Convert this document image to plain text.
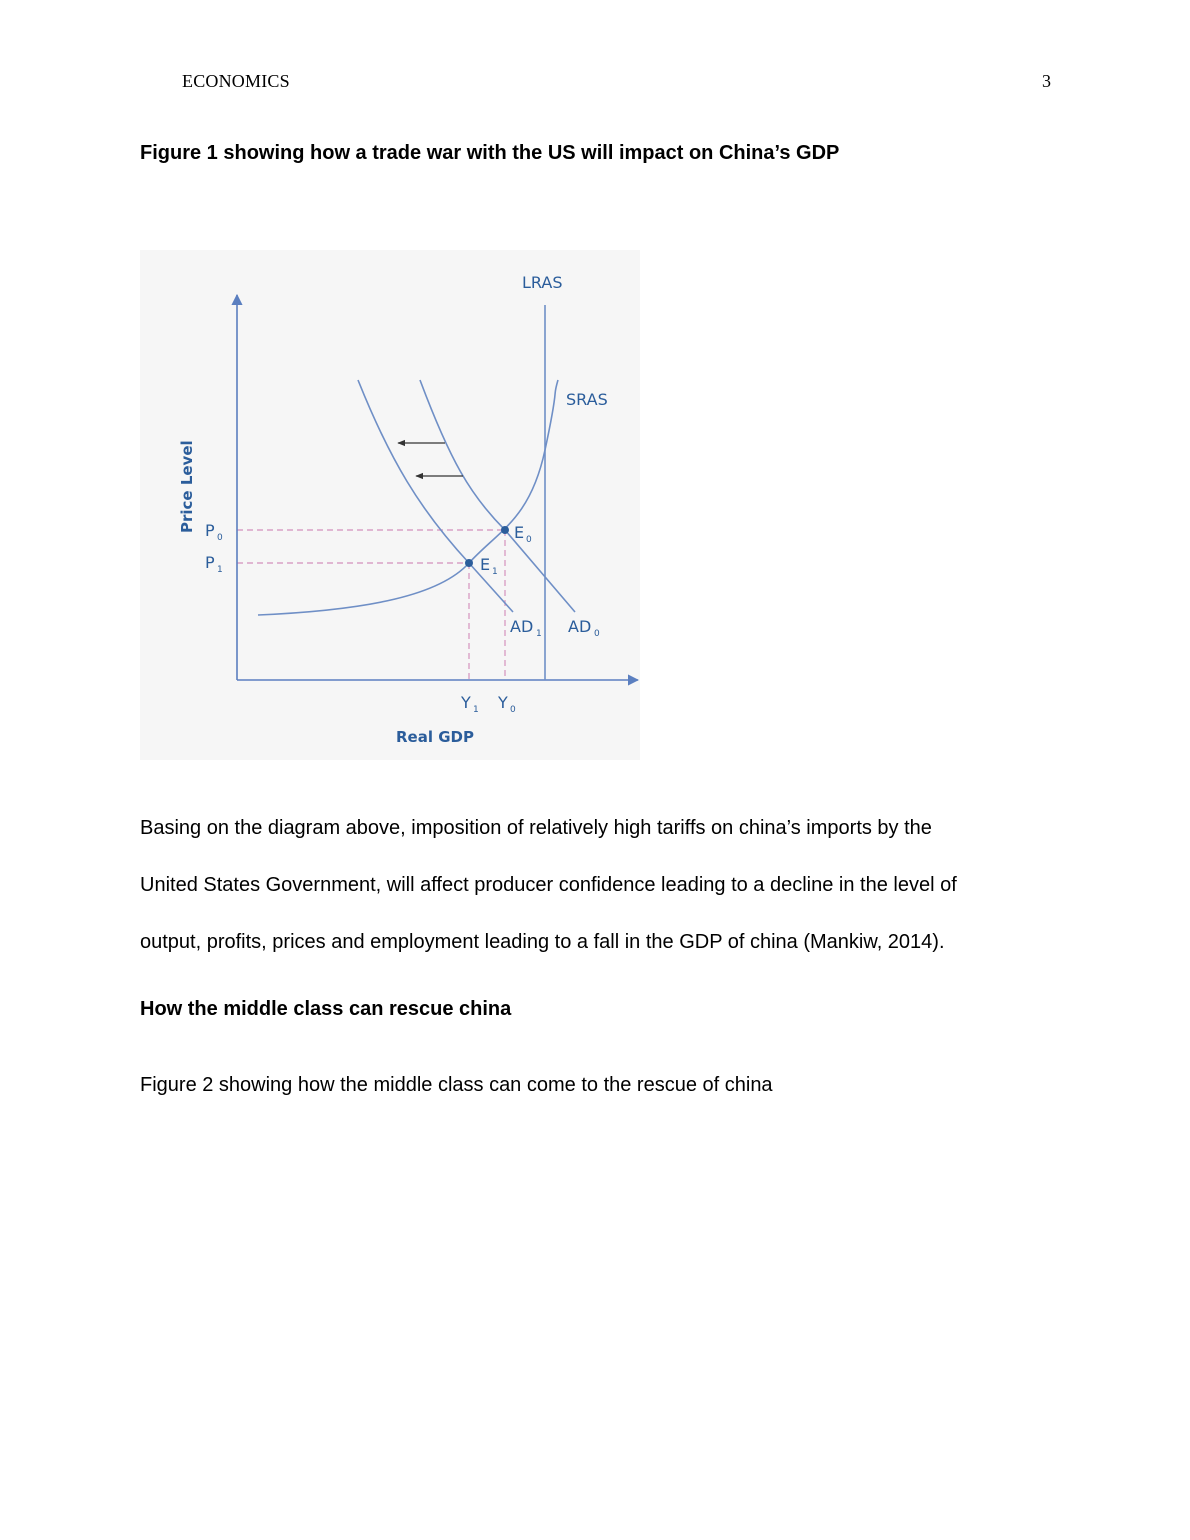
ECONOMICS	3
Figure 1 showing how a trade war with the US will impact on China’s GDP
LRAS
SRAS
Price Level
Real GDP
P 0
P 1
E 0
E 1
AD 1 AD 0
Y 1 Y 0
Basing on the diagram above, imposition of relatively high tariffs on china’s imports by the
United States Government, will affect producer confidence leading to a decline in the level of
output, profits, prices and employment leading to a fall in the GDP of china (Mankiw, 2014).
How the middle class can rescue china
Figure 2 showing how the middle class can come to the rescue of china
